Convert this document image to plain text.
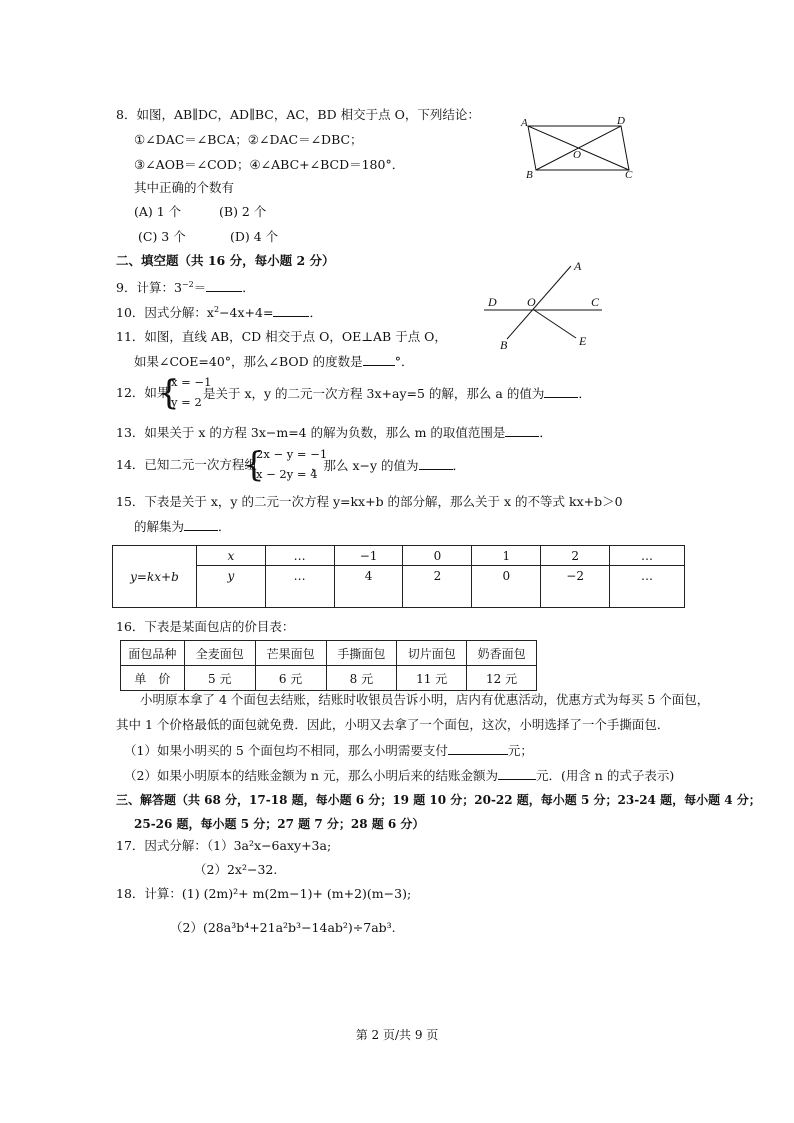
8．如图，AB∥DC，AD∥BC，AC，BD 相交于点 O，下列结论：
①∠DAC＝∠BCA；②∠DAC＝∠DBC；
③∠AOB＝∠COD；④∠ABC+∠BCD＝180°．
其中正确的个数有
(A) 1 个	(B) 2 个
(C) 3 个	(D) 4 个
A	D
O
B	C
二、填空题（共 16 分，每小题 2 分）
9．计算：$3^{-2}=$	．
10．因式分解：$x^2-4x+4=$	．
11．如图，直线 AB，CD 相交于点 O，OE⊥AB 于点 O，
如果∠COE=40°，那么∠BOD 的度数是	°．
A
D	O	C
B	E
12．如果
{
x = −1
y = 2
是关于 x，y 的二元一次方程 3x+ay=5 的解，那么 a 的值为	．
13．如果关于 x 的方程 3x−m=4 的解为负数，那么 m 的取值范围是	．
14．已知二元一次方程组
{
2x − y = −1
x − 2y = 4
，那么 x−y 的值为	．
15．下表是关于 x，y 的二元一次方程 y=kx+b 的部分解，那么关于 x 的不等式 kx+b＞0
的解集为	．
y=kx+b	x	…	−1	0	1	2	…
	y	…	4	2	0	−2	…
16．下表是某面包店的价目表：
面包品种	全麦面包	芒果面包	手撕面包	切片面包	奶香面包
单　价	5 元	6 元	8 元	11 元	12 元
小明原本拿了 4 个面包去结账，结账时收银员告诉小明，店内有优惠活动，优惠方式为每买 5 个面包，
其中 1 个价格最低的面包就免费．因此，小明又去拿了一个面包，这次，小明选择了一个手撕面包．
（1）如果小明买的 5 个面包均不相同，那么小明需要支付	元；
（2）如果小明原本的结账金额为 n 元，那么小明后来的结账金额为	元．(用含 n 的式子表示)
三、解答题（共 68 分，17-18 题，每小题 6 分；19 题 10 分；20-22 题，每小题 5 分；23-24 题，每小题 4 分；
25-26 题，每小题 5 分；27 题 7 分；28 题 6 分）
17．因式分解：（1）3a²x−6axy+3a;
（2）2x²−32.
18．计算：(1) (2m)²+ m(2m−1)+ (m+2)(m−3);
（2）(28a³b⁴+21a²b³−14ab²)÷7ab³.
第 2 页/共 9 页
